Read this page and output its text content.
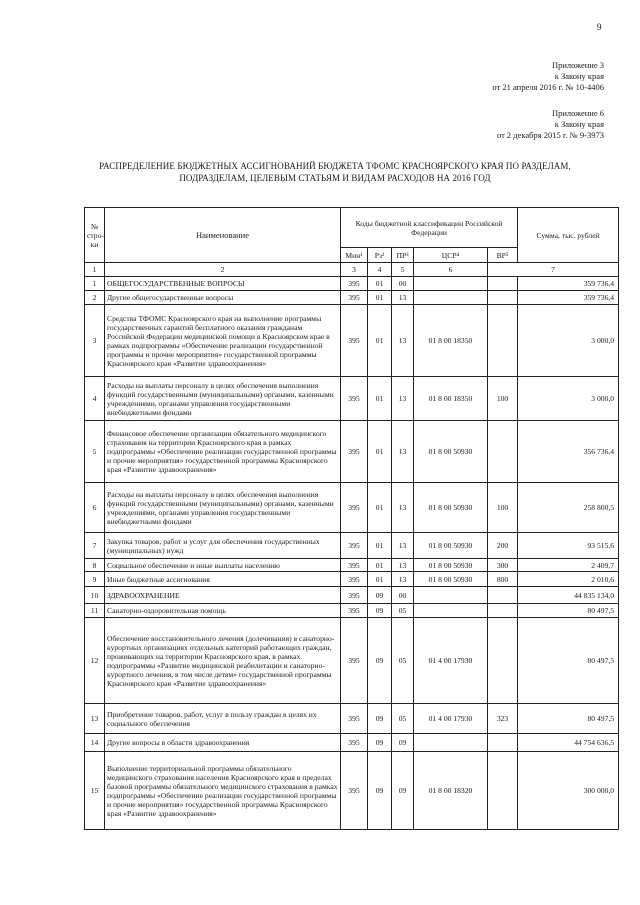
9
Приложение 3
к Закону края
от 21 апреля 2016 г. № 10-4406
Приложение 6
к Закону края
от 2 декабря 2015 г. № 9-3973
РАСПРЕДЕЛЕНИЕ БЮДЖЕТНЫХ АССИГНОВАНИЙ БЮДЖЕТА ТФОМС КРАСНОЯРСКОГО КРАЯ ПО РАЗДЕЛАМ,
ПОДРАЗДЕЛАМ, ЦЕЛЕВЫМ СТАТЬЯМ И ВИДАМ РАСХОДОВ НА 2016 ГОД
№ стро-ки	Наименование	Коды бюджетной классификации Российской Федерации					Сумма, тыс. рублей
		Мин¹	Рз²	ПР³	ЦСР⁴	ВР⁵	
1	2	3	4	5	6	7	
1	ОБЩЕГОСУДАРСТВЕННЫЕ ВОПРОСЫ	395	01	00			359 736,4
2	Другие общегосударственные вопросы	395	01	13			359 736,4
3	Средства ТФОМС Красноярского края на выполнение программы государственных гарантий бесплатного оказания гражданам Российской Федерации медицинской помощи в Красноярском крае в рамках подпрограммы «Обеспечение реализации государственной программы и прочие мероприятия» государственной программы Красноярского края «Развитие здравоохранения»	395	01	13	01 8 00 18350		3 000,0
4	Расходы на выплаты персоналу в целях обеспечения выполнения функций государственными (муниципальными) органами, казенными учреждениями, органами управления государственными внебюджетными фондами	395	01	13	01 8 00 18350	100	3 000,0
5	Финансовое обеспечение организации обязательного медицинского страхования на территории Красноярского края в рамках подпрограммы «Обеспечение реализации государственной программы и прочие мероприятия» государственной программы Красноярского края «Развитие здравоохранения»	395	01	13	01 8 00 50930		356 736,4
6	Расходы на выплаты персоналу в целях обеспечения выполнения функций государственными (муниципальными) органами, казенными учреждениями, органами управления государственными внебюджетными фондами	395	01	13	01 8 00 50930	100	258 800,5
7	Закупка товаров, работ и услуг для обеспечения государственных (муниципальных) нужд	395	01	13	01 8 00 50930	200	93 515,6
8	Социальное обеспечение и иные выплаты населению	395	01	13	01 8 00 50930	300	2 409,7
9	Иные бюджетные ассигнования	395	01	13	01 8 00 50930	800	2 010,6
10	ЗДРАВООХРАНЕНИЕ	395	09	00			44 835 134,0
11	Санаторно-оздоровительная помощь	395	09	05			80 497,5
12	Обеспечение восстановительного лечения (долечивания) в санаторно-курортных организациях отдельных категорий работающих граждан, проживающих на территории Красноярского края, в рамках подпрограммы «Развитие медицинской реабилитации и санаторно-курортного лечения, в том числе детям» государственной программы Красноярского края «Развитие здравоохранения»	395	09	05	01 4 00 17930		80 497,5
13	Приобретение товаров, работ, услуг в пользу граждан в целях их социального обеспечения	395	09	05	01 4 00 17930	323	80 497,5
14	Другие вопросы в области здравоохранения	395	09	09			44 754 636,5
15	Выполнение территориальной программы обязательного медицинского страхования населения Красноярского края в пределах базовой программы обязательного медицинского страхования в рамках подпрограммы «Обеспечение реализации государственной программы и прочие мероприятия» государственной программы Красноярского края «Развитие здравоохранения»	395	09	09	01 8 00 18320		300 000,0
